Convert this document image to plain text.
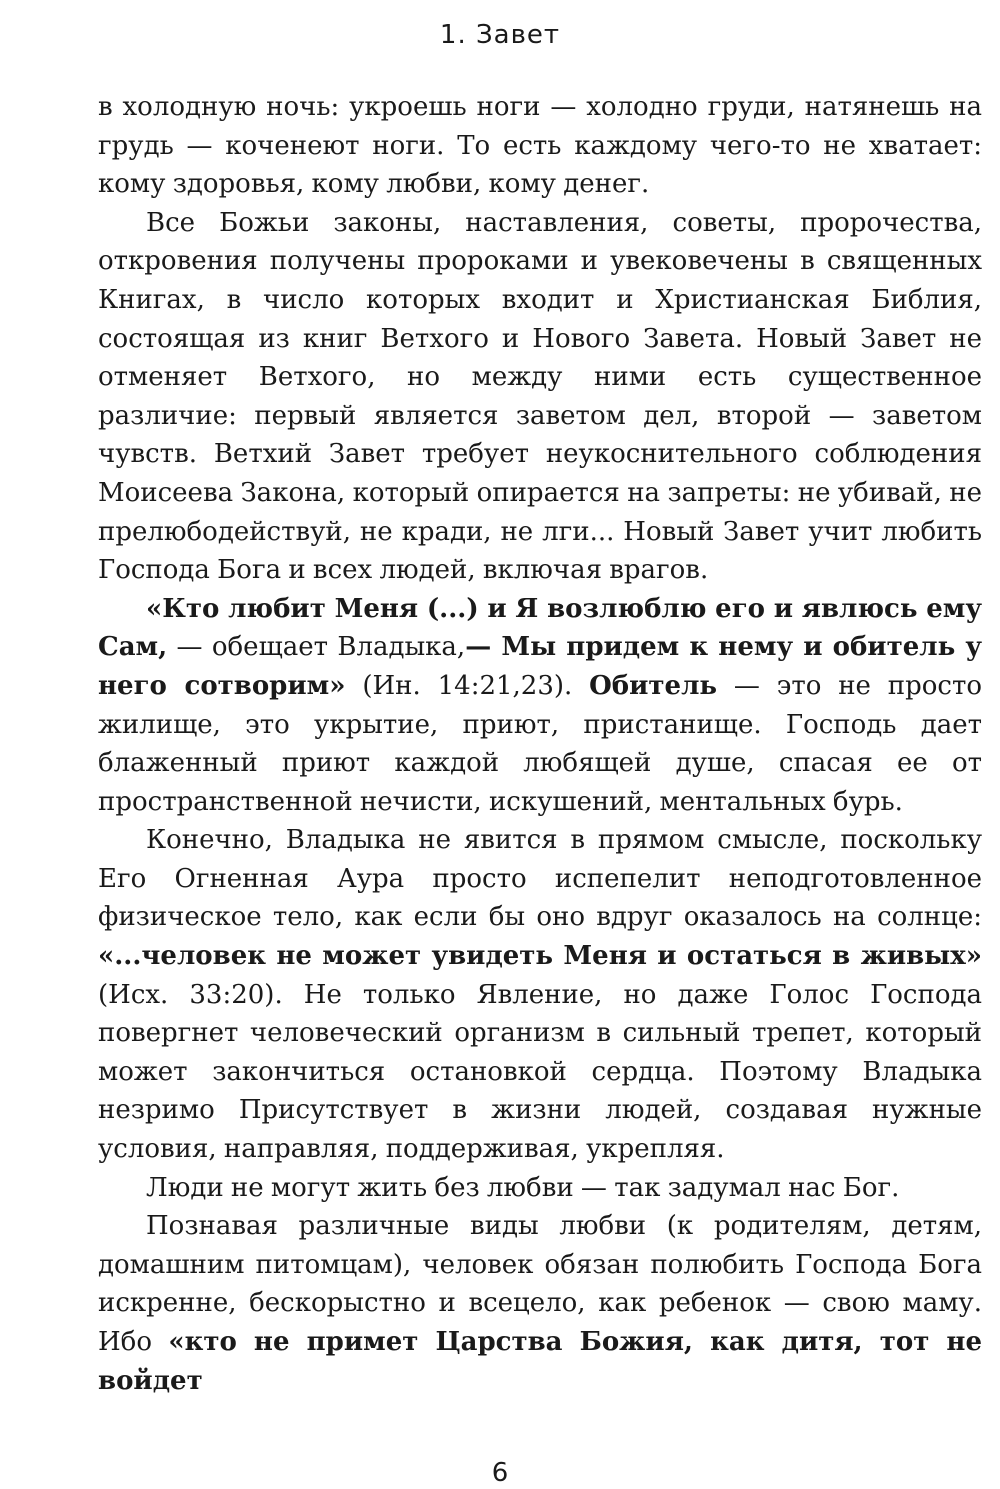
1. Завет

в холодную ночь: укроешь ноги — холодно груди, натянешь на грудь — коченеют ноги. То есть каждому чего-то не хватает: кому здоровья, кому любви, кому денег.

Все Божьи законы, наставления, советы, пророчества, откровения получены пророками и увековечены в священных Книгах, в число которых входит и Христианская Библия, состоящая из книг Ветхого и Нового Завета. Новый Завет не отменяет Ветхого, но между ними есть существенное различие: первый является заветом дел, второй — заветом чувств. Ветхий Завет требует неукоснительного соблюдения Моисеева Закона, который опирается на запреты: не убивай, не прелюбодействуй, не кради, не лги... Новый Завет учит любить Господа Бога и всех людей, включая врагов.

«Кто любит Меня (...) и Я возлюблю его и явлюсь ему Сам, — обещает Владыка,— Мы придем к нему и обитель у него сотворим» (Ин. 14:21,23). Обитель — это не просто жилище, это укрытие, приют, пристанище. Господь дает блаженный приют каждой любящей душе, спасая ее от пространственной нечисти, искушений, ментальных бурь.

Конечно, Владыка не явится в прямом смысле, поскольку Его Огненная Аура просто испепелит неподготовленное физическое тело, как если бы оно вдруг оказалось на солнце: «...человек не может увидеть Меня и остаться в живых» (Исх. 33:20). Не только Явление, но даже Голос Господа повергнет человеческий организм в сильный трепет, который может закончиться остановкой сердца. Поэтому Владыка незримо Присутствует в жизни людей, создавая нужные условия, направляя, поддерживая, укрепляя.

Люди не могут жить без любви — так задумал нас Бог.

Познавая различные виды любви (к родителям, детям, домашним питомцам), человек обязан полюбить Господа Бога искренне, бескорыстно и всецело, как ребенок — свою маму. Ибо «кто не примет Царства Божия, как дитя, тот не войдет

6
